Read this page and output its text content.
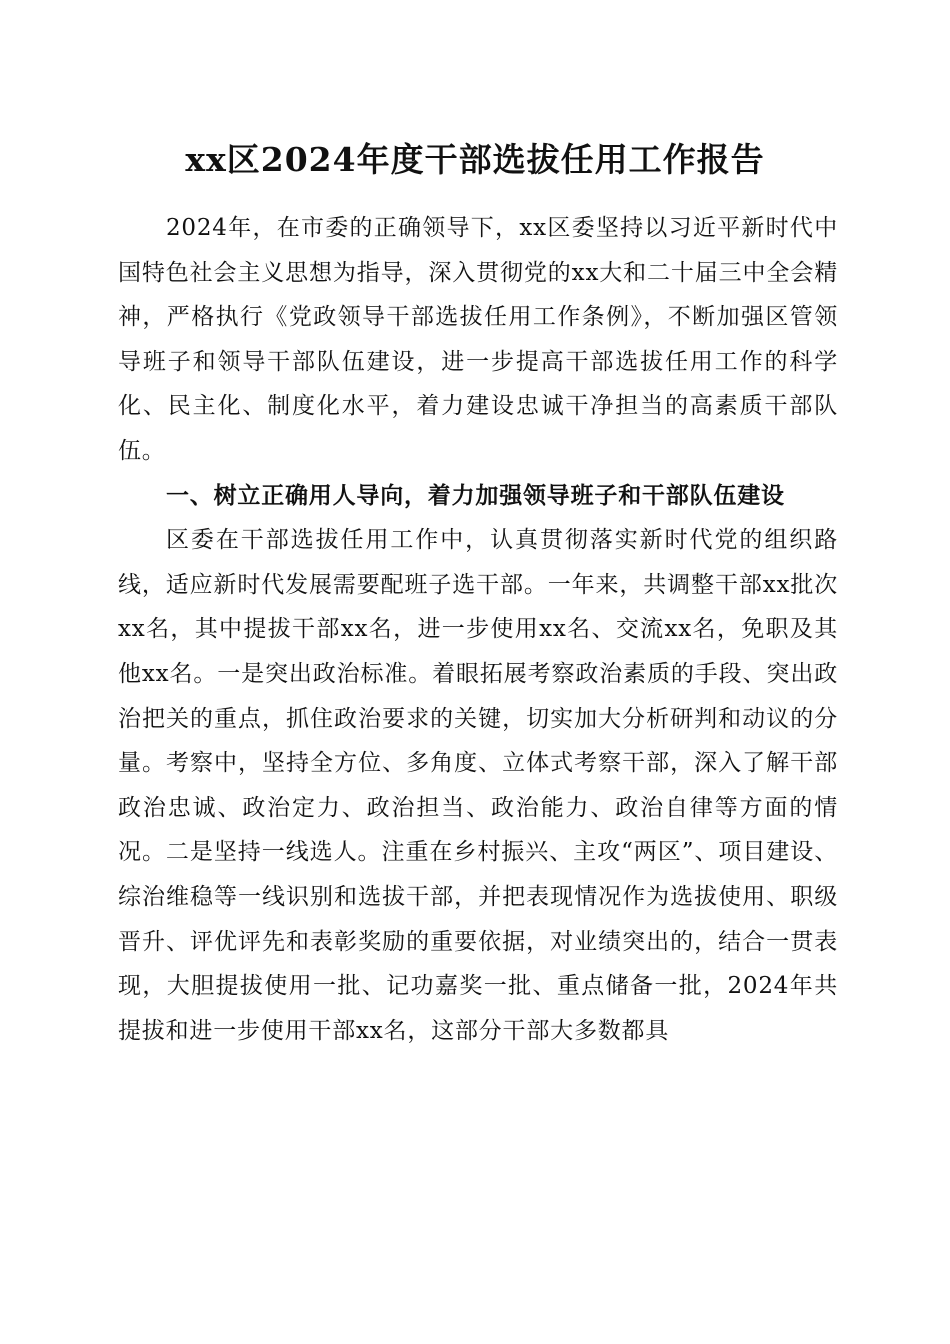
xx区2024年度干部选拔任用工作报告

2024年，在市委的正确领导下，xx区委坚持以习近平新时代中国特色社会主义思想为指导，深入贯彻党的xx大和二十届三中全会精神，严格执行《党政领导干部选拔任用工作条例》，不断加强区管领导班子和领导干部队伍建设，进一步提高干部选拔任用工作的科学化、民主化、制度化水平，着力建设忠诚干净担当的高素质干部队伍。

一、树立正确用人导向，着力加强领导班子和干部队伍建设

区委在干部选拔任用工作中，认真贯彻落实新时代党的组织路线，适应新时代发展需要配班子选干部。一年来，共调整干部xx批次xx名，其中提拔干部xx名，进一步使用xx名、交流xx名，免职及其他xx名。一是突出政治标准。着眼拓展考察政治素质的手段、突出政治把关的重点，抓住政治要求的关键，切实加大分析研判和动议的分量。考察中，坚持全方位、多角度、立体式考察干部，深入了解干部政治忠诚、政治定力、政治担当、政治能力、政治自律等方面的情况。二是坚持一线选人。注重在乡村振兴、主攻“两区”、项目建设、综治维稳等一线识别和选拔干部，并把表现情况作为选拔使用、职级晋升、评优评先和表彰奖励的重要依据，对业绩突出的，结合一贯表现，大胆提拔使用一批、记功嘉奖一批、重点储备一批，2024年共提拔和进一步使用干部xx名，这部分干部大多数都具
